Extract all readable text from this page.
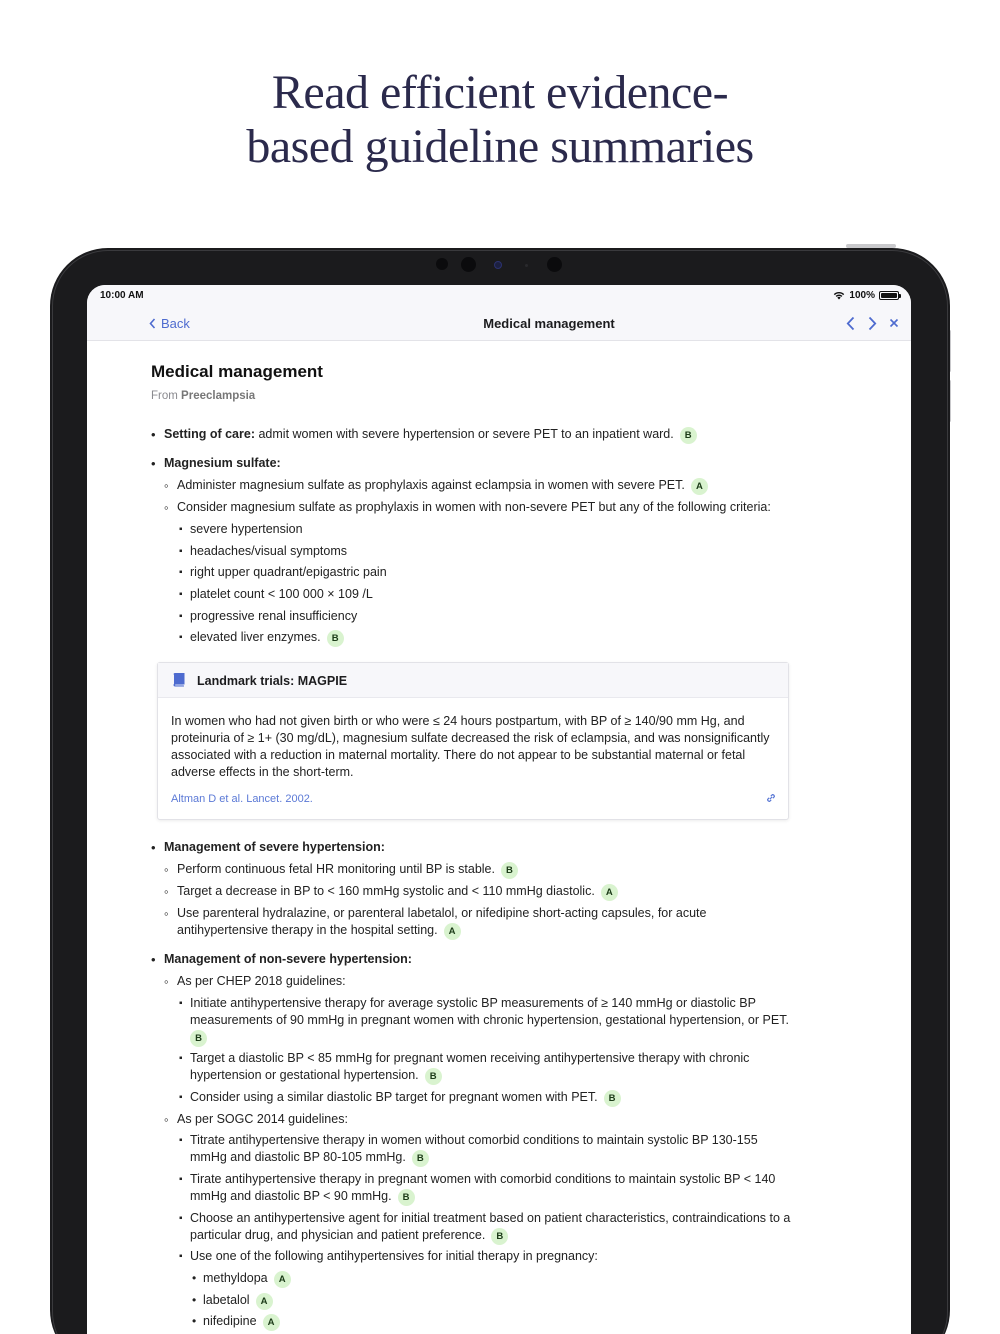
Read efficient evidence-
based guideline summaries
10:00 AM	100%
Back	Medical management
Medical management
From Preeclampsia
• Setting of care: admit women with severe hypertension or severe PET to an inpatient ward. B
• Magnesium sulfate:
◦ Administer magnesium sulfate as prophylaxis against eclampsia in women with severe PET. A
◦ Consider magnesium sulfate as prophylaxis in women with non-severe PET but any of the following criteria:
▪ severe hypertension
▪ headaches/visual symptoms
▪ right upper quadrant/epigastric pain
▪ platelet count < 100 000 × 109 /L
▪ progressive renal insufficiency
▪ elevated liver enzymes. B
Landmark trials: MAGPIE
In women who had not given birth or who were ≤ 24 hours postpartum, with BP of ≥ 140/90 mm Hg, and proteinuria of ≥ 1+ (30 mg/dL), magnesium sulfate decreased the risk of eclampsia, and was nonsignificantly associated with a reduction in maternal mortality. There do not appear to be substantial maternal or fetal adverse effects in the short-term.
Altman D et al. Lancet. 2002.
• Management of severe hypertension:
◦ Perform continuous fetal HR monitoring until BP is stable. B
◦ Target a decrease in BP to < 160 mmHg systolic and < 110 mmHg diastolic. A
◦ Use parenteral hydralazine, or parenteral labetalol, or nifedipine short-acting capsules, for acute
antihypertensive therapy in the hospital setting. A
• Management of non-severe hypertension:
◦ As per CHEP 2018 guidelines:
▪ Initiate antihypertensive therapy for average systolic BP measurements of ≥ 140 mmHg or diastolic BP
measurements of 90 mmHg in pregnant women with chronic hypertension, gestational hypertension, or PET.
B
▪ Target a diastolic BP < 85 mmHg for pregnant women receiving antihypertensive therapy with chronic
hypertension or gestational hypertension. B
▪ Consider using a similar diastolic BP target for pregnant women with PET. B
◦ As per SOGC 2014 guidelines:
▪ Titrate antihypertensive therapy in women without comorbid conditions to maintain systolic BP 130-155
mmHg and diastolic BP 80-105 mmHg. B
▪ Tirate antihypertensive therapy in pregnant women with comorbid conditions to maintain systolic BP < 140
mmHg and diastolic BP < 90 mmHg. B
▪ Choose an antihypertensive agent for initial treatment based on patient characteristics, contraindications to a
particular drug, and physician and patient preference. B
▪ Use one of the following antihypertensives for initial therapy in pregnancy:
• methyldopa A
• labetalol A
• nifedipine A
